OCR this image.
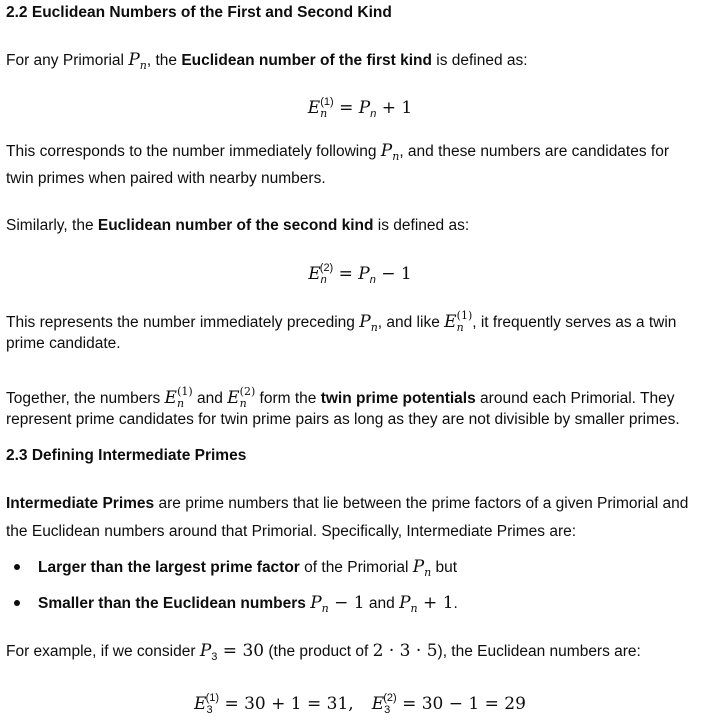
2.2 Euclidean Numbers of the First and Second Kind
For any Primorial $P_n$, the Euclidean number of the first kind is defined as:
$E_n^{(1)} = P_n + 1$
This corresponds to the number immediately following $P_n$, and these numbers are candidates for
twin primes when paired with nearby numbers.
Similarly, the Euclidean number of the second kind is defined as:
$E_n^{(2)} = P_n - 1$
This represents the number immediately preceding $P_n$, and like $E_n^{(1)}$, it frequently serves as a twin
prime candidate.
Together, the numbers $E_n^{(1)}$ and $E_n^{(2)}$ form the twin prime potentials around each Primorial. They
represent prime candidates for twin prime pairs as long as they are not divisible by smaller primes.
2.3 Defining Intermediate Primes
Intermediate Primes are prime numbers that lie between the prime factors of a given Primorial and
the Euclidean numbers around that Primorial. Specifically, Intermediate Primes are:
Larger than the largest prime factor of the Primorial $P_n$ but
Smaller than the Euclidean numbers $P_n - 1$ and $P_n + 1$.
For example, if we consider $P_3 = 30$ (the product of 2 · 3 · 5), the Euclidean numbers are:
$E_3^{(1)} = 30 + 1 = 31$, $E_3^{(2)} = 30 - 1 = 29$
